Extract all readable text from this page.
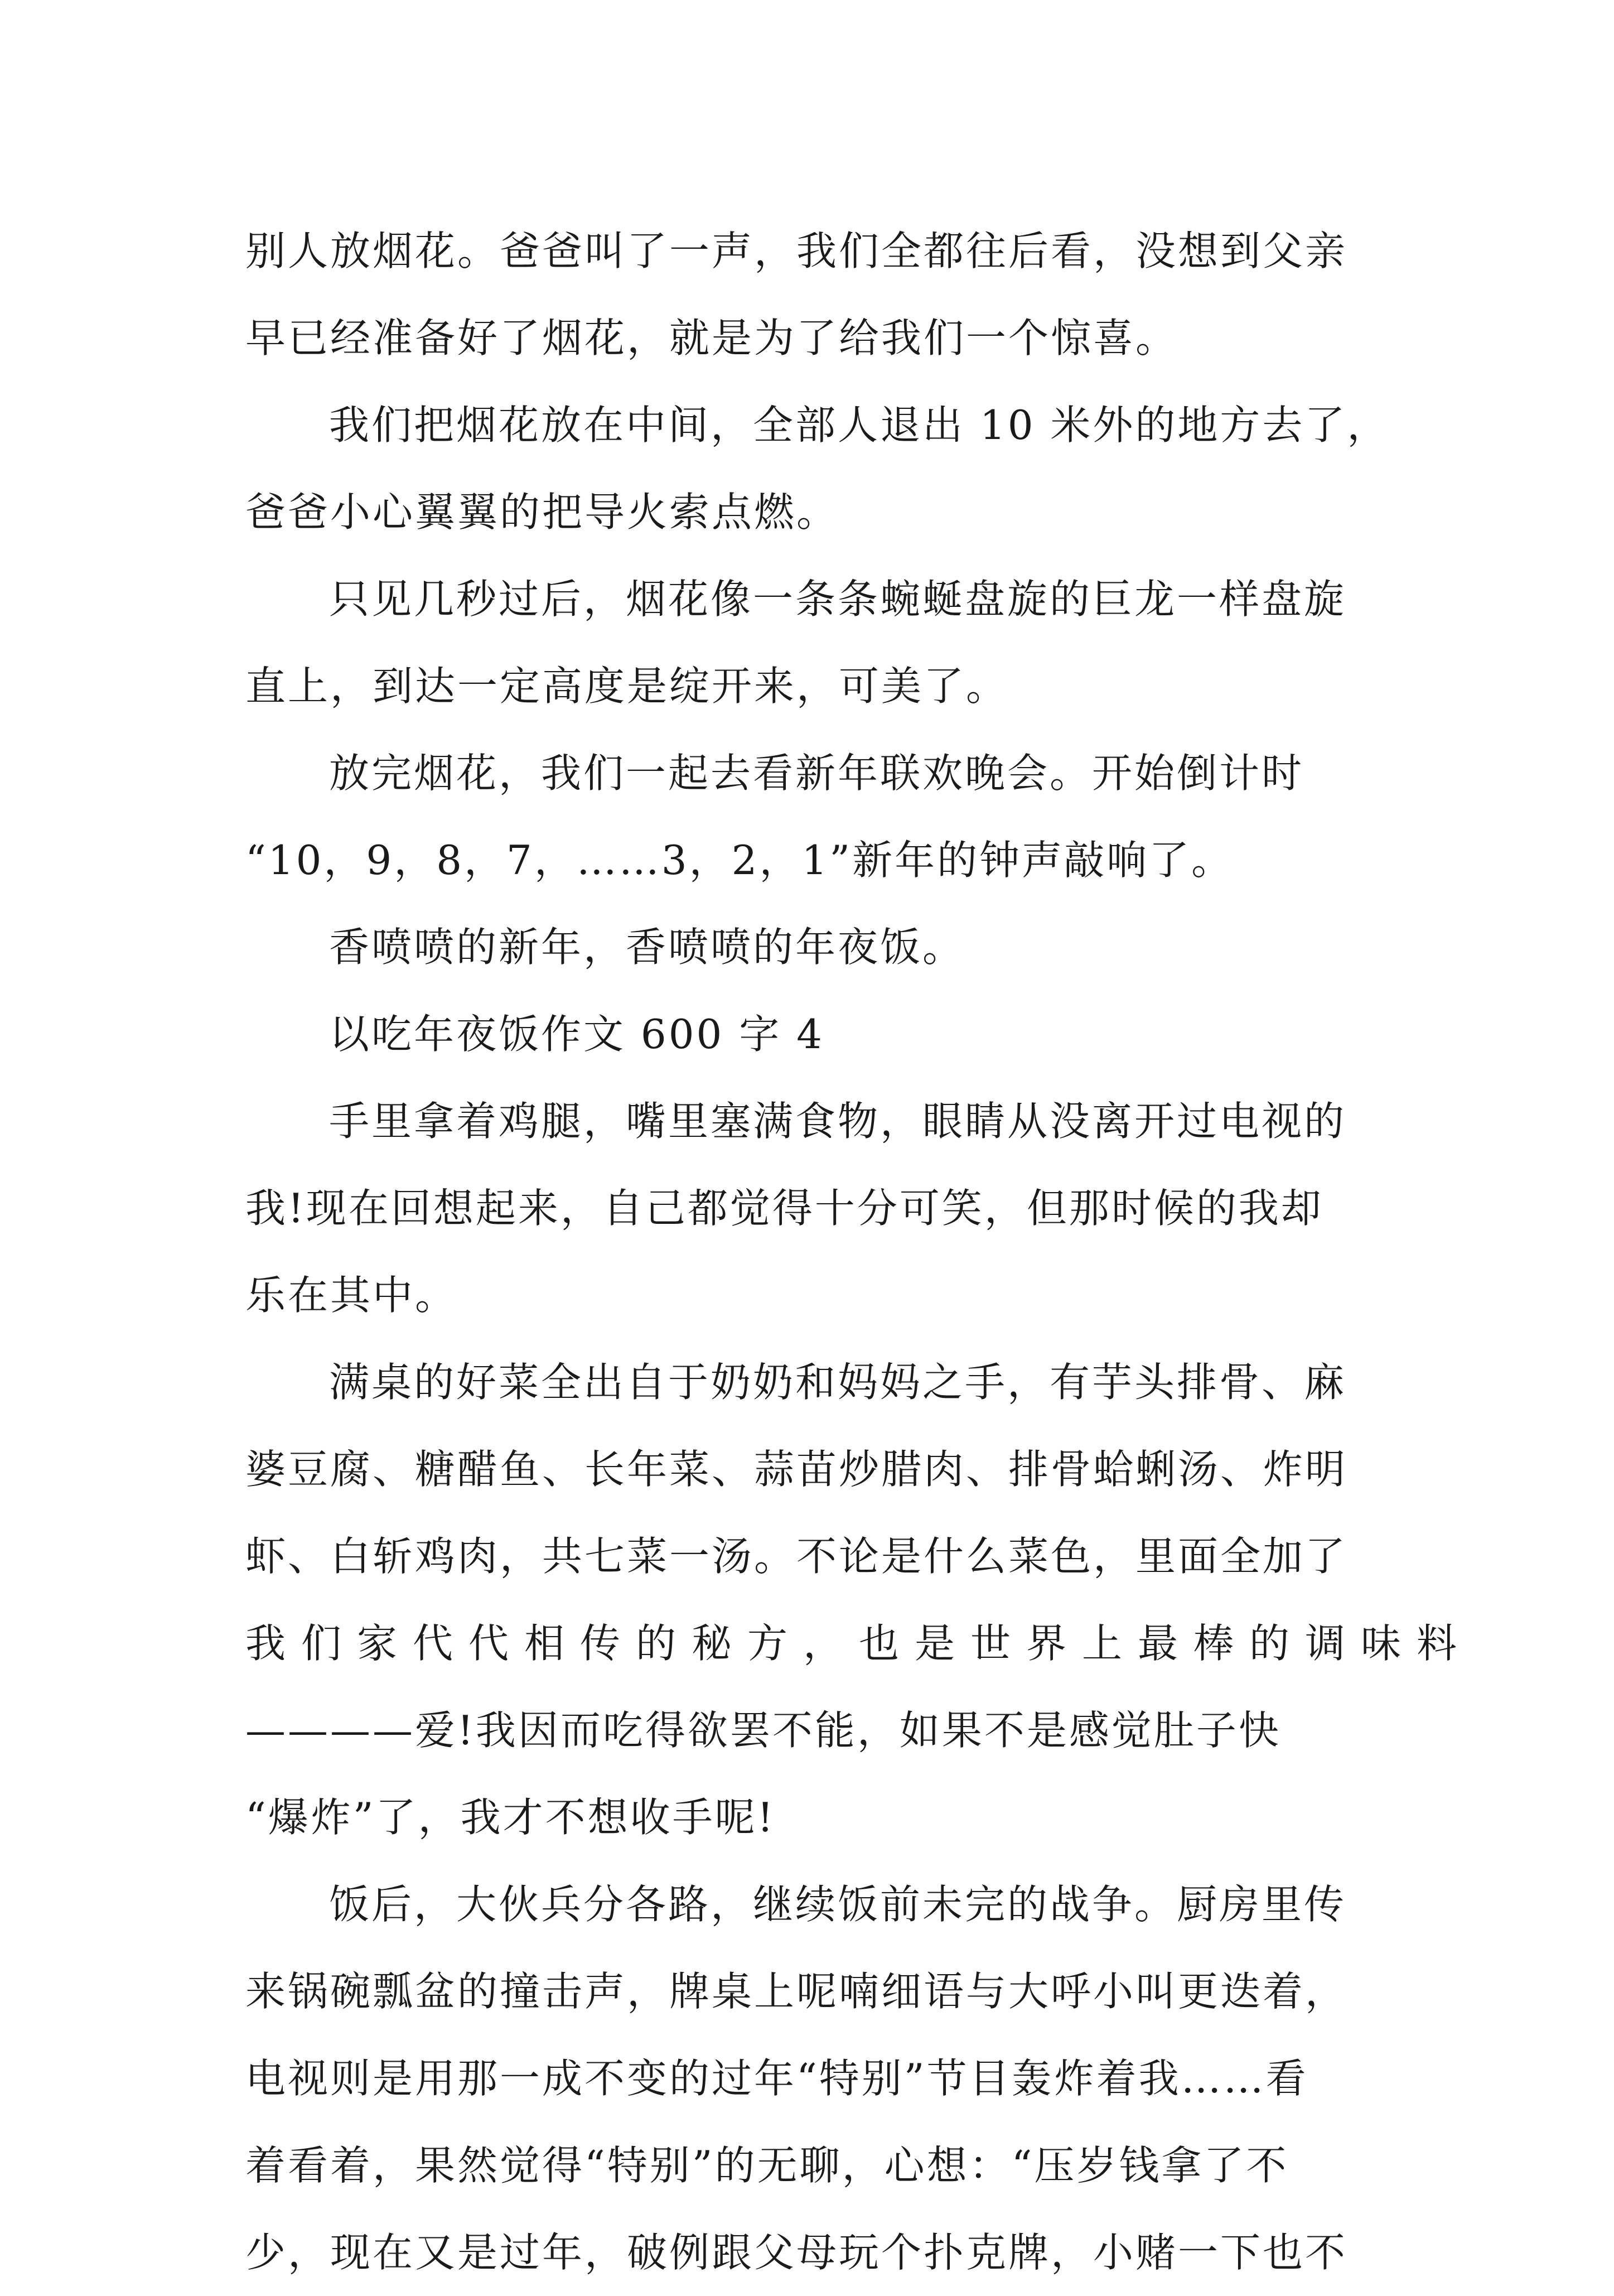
别人放烟花。爸爸叫了一声，我们全都往后看，没想到父亲
早已经准备好了烟花，就是为了给我们一个惊喜。
我们把烟花放在中间，全部人退出 10 米外的地方去了，
爸爸小心翼翼的把导火索点燃。
只见几秒过后，烟花像一条条蜿蜒盘旋的巨龙一样盘旋
直上，到达一定高度是绽开来，可美了。
放完烟花，我们一起去看新年联欢晚会。开始倒计时
“10，9，8，7，……3，2，1”新年的钟声敲响了。
香喷喷的新年，香喷喷的年夜饭。
以吃年夜饭作文 600 字 4
手里拿着鸡腿，嘴里塞满食物，眼睛从没离开过电视的
我!现在回想起来，自己都觉得十分可笑，但那时候的我却
乐在其中。
满桌的好菜全出自于奶奶和妈妈之手，有芋头排骨、麻
婆豆腐、糖醋鱼、长年菜、蒜苗炒腊肉、排骨蛤蜊汤、炸明
虾、白斩鸡肉，共七菜一汤。不论是什么菜色，里面全加了
我们家代代相传的秘方，也是世界上最棒的调味料
————爱!我因而吃得欲罢不能，如果不是感觉肚子快
“爆炸”了，我才不想收手呢!
饭后，大伙兵分各路，继续饭前未完的战争。厨房里传
来锅碗瓢盆的撞击声，牌桌上呢喃细语与大呼小叫更迭着，
电视则是用那一成不变的过年“特别”节目轰炸着我……看
着看着，果然觉得“特别”的无聊，心想：“压岁钱拿了不
少，现在又是过年，破例跟父母玩个扑克牌，小赌一下也不
